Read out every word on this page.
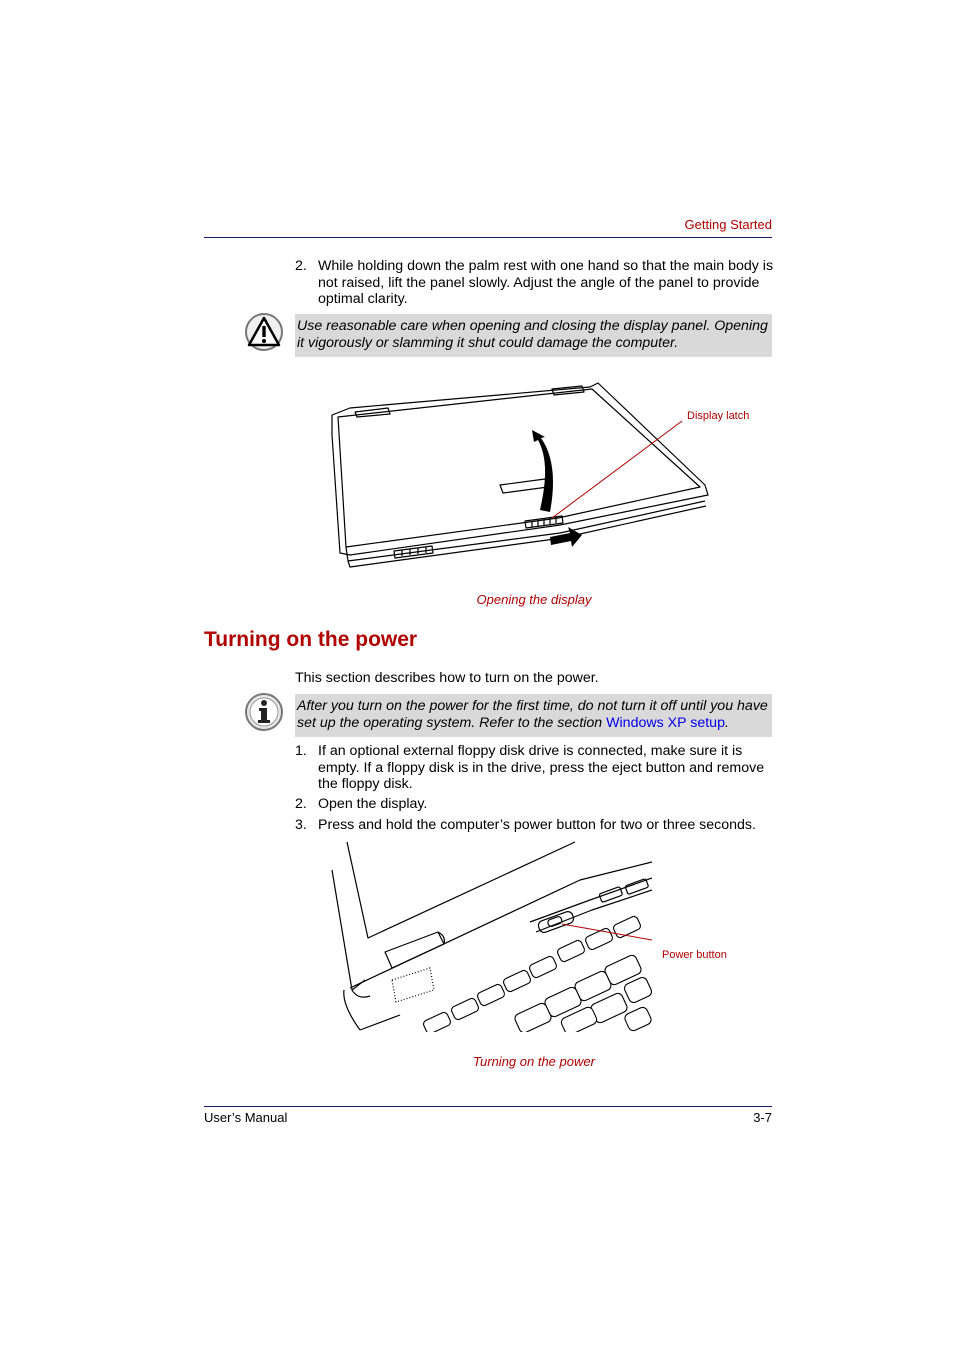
Getting Started
2. While holding down the palm rest with one hand so that the main body is not raised, lift the panel slowly. Adjust the angle of the panel to provide optimal clarity.
Use reasonable care when opening and closing the display panel. Opening it vigorously or slamming it shut could damage the computer.
Display latch
Opening the display
Turning on the power
This section describes how to turn on the power.
After you turn on the power for the first time, do not turn it off until you have set up the operating system. Refer to the section Windows XP setup.
1. If an optional external floppy disk drive is connected, make sure it is empty. If a floppy disk is in the drive, press the eject button and remove the floppy disk.
2. Open the display.
3. Press and hold the computer’s power button for two or three seconds.
Power button
Turning on the power
User’s Manual	3-7
